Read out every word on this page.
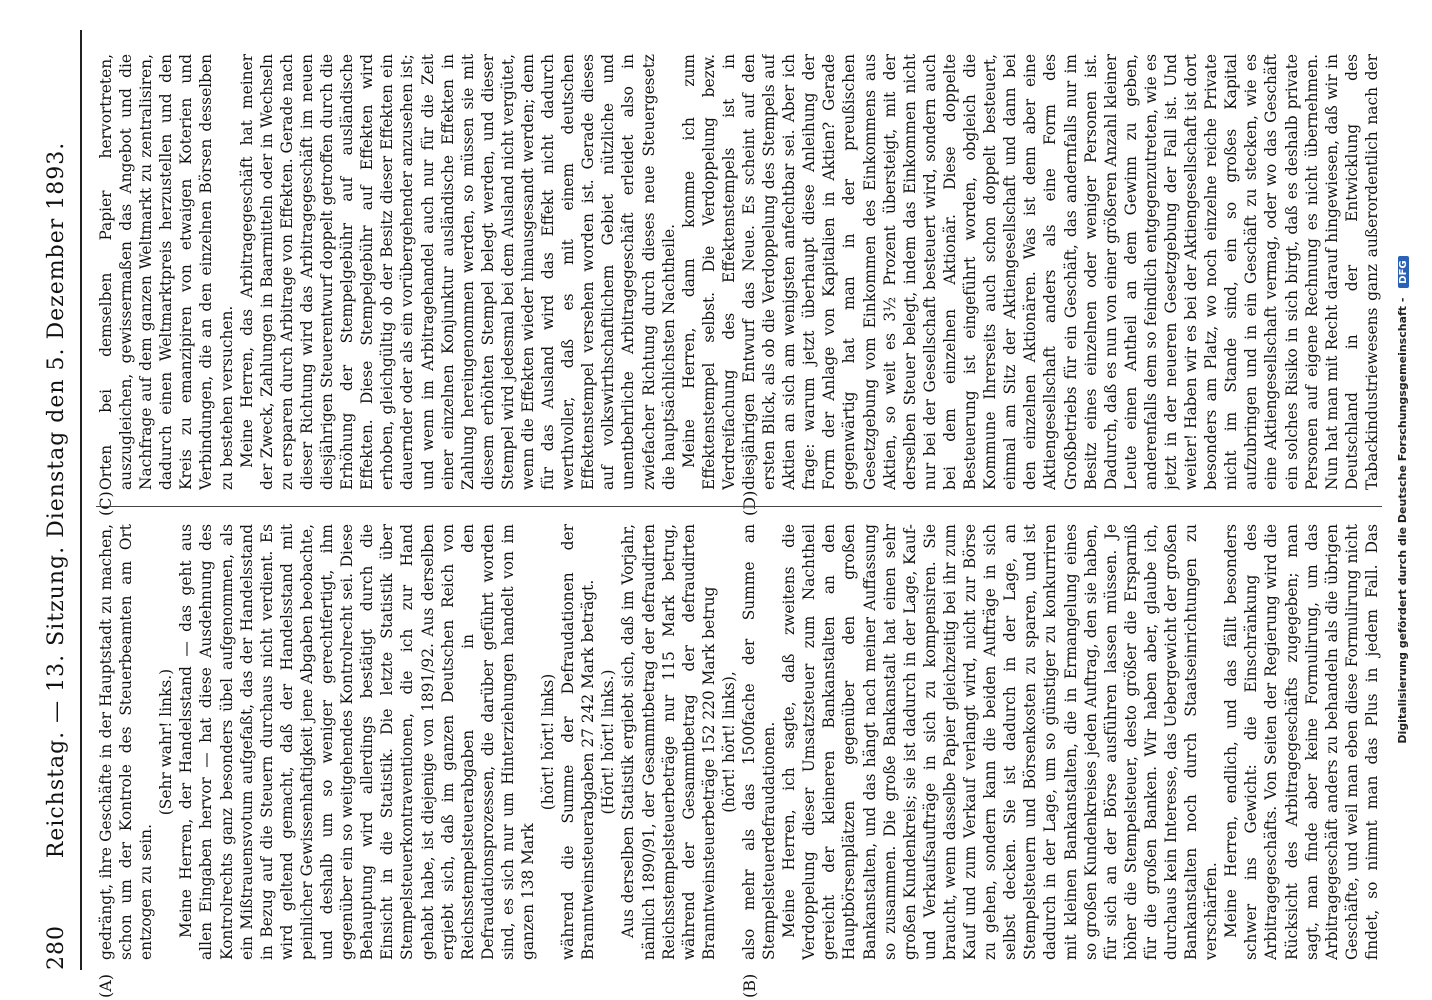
280
Reichstag. — 13. Sitzung. Dienstag den 5. Dezember 1893.
(A)	(B)
(C)	(D)

gedrängt, ihre Geschäfte in der Hauptstadt zu machen, schon um der Kontrole des Steuerbeamten am Ort entzogen zu sein.

(Sehr wahr! links.) Meine Herren, der Handelsstand — das geht aus allen Eingaben hervor — hat diese Ausdehnung des Kontrolrechts ganz besonders übel aufgenommen, als ein Mißtrauensvotum aufgefaßt, das der Handelsstand in Bezug auf die Steuern durchaus nicht verdient. Es wird geltend gemacht, daß der Handelsstand mit peinlicher Gewissenhaftigkeit jene Abgaben beobachte, und deshalb um so weniger gerechtfertigt, ihm gegenüber ein so weitgehendes Kontrolrecht sei. Diese Behauptung wird allerdings bestätigt durch die Einsicht in die Statistik. Die letzte Statistik über Stempelsteuerkontraventionen, die ich zur Hand gehabt habe, ist diejenige von 1891/92. Aus derselben ergiebt sich, daß im ganzen Deutschen Reich von Reichsstempelsteuerabgaben in den Defraudationsprozessen, die darüber geführt worden sind, es sich nur um Hinterziehungen handelt von im ganzen 138 Mark

(hört! hört! links) während die Summe der Defraudationen der Branntweinsteuerabgaben 27 242 Mark beträgt. (Hört! hört! links.) Aus derselben Statistik ergiebt sich, daß im Vorjahr, nämlich 1890/91, der Gesammtbetrag der defraudirten Reichsstempelsteuerbeträge nur 115 Mark betrug, während der Gesammtbetrag der defraudirten Branntweinsteuerbeträge 152 220 Mark betrug (hört! hört! links), also mehr als das 1500fache der Summe an Stempelsteuerdefraudationen. Meine Herren, ich sagte, daß zweitens die Verdoppelung dieser Umsatzsteuer zum Nachtheil gereicht der kleineren Bankanstalten an den Hauptbörsenplätzen gegenüber den großen Bankanstalten, und das hängt nach meiner Auffassung so zusammen. Die große Bankanstalt hat einen sehr großen Kundenkreis; sie ist dadurch in der Lage, Kauf- und Verkaufsaufträge in sich zu kompensiren. Sie braucht, wenn dasselbe Papier gleichzeitig bei ihr zum Kauf und zum Verkauf verlangt wird, nicht zur Börse zu gehen, sondern kann die beiden Aufträge in sich selbst decken. Sie ist dadurch in der Lage, an Stempelsteuern und Börsenkosten zu sparen, und ist dadurch in der Lage, um so günstiger zu konkurriren mit kleinen Bankanstalten, die in Ermangelung eines so großen Kundenkreises jeden Auftrag, den sie haben, für sich an der Börse ausführen lassen müssen. Je höher die Stempelsteuer, desto größer die Ersparniß für die großen Banken. Wir haben aber, glaube ich, durchaus kein Interesse, das Uebergewicht der großen Bankanstalten noch durch Staatseinrichtungen zu verschärfen. Meine Herren, endlich, und das fällt besonders schwer ins Gewicht: die Einschränkung des Arbitragegeschäfts. Von Seiten der Regierung wird die Rücksicht des Arbitragegeschäfts zugegeben; man sagt, man finde aber keine Formulirung, um das Arbitragegeschäft anders zu behandeln als die übrigen Geschäfte, und weil man eben diese Formulirung nicht findet, so nimmt man das Plus in jedem Fall. Das

Orten bei demselben Papier hervortreten, auszugleichen, gewissermaßen das Angebot und die Nachfrage auf dem ganzen Weltmarkt zu zentralisiren, dadurch einen Weltmarktpreis herzustellen und den Kreis zu emanzipiren von etwaigen Koterien und Verbindungen, die an den einzelnen Börsen desselben zu bestehen versuchen. Meine Herren, das Arbitragegeschäft hat meiner der Zweck, Zahlungen in Baarmitteln oder in Wechseln zu ersparen durch Arbitrage von Effekten. Gerade nach dieser Richtung wird das Arbitragegeschäft im neuen diesjährigen Steuerentwurf doppelt getroffen durch die Erhöhung der Stempelgebühr auf ausländische Effekten. Diese Stempelgebühr auf Effekten wird erhoben, gleichgültig ob der Besitz dieser Effekten ein dauernder oder als ein vorübergehender anzusehen ist; und wenn im Arbitragehandel auch nur für die Zeit einer einzelnen Konjunktur ausländische Effekten in Zahlung hereingenommen werden, so müssen sie mit diesem erhöhten Stempel belegt werden, und dieser Stempel wird jedesmal bei dem Ausland nicht vergütet, wenn die Effekten wieder hinausgesandt werden; denn für das Ausland wird das Effekt nicht dadurch werthvoller, daß es mit einem deutschen Effektenstempel versehen worden ist. Gerade dieses auf volkswirthschaftlichem Gebiet nützliche und unentbehrliche Arbitragegeschäft erleidet also in zwiefacher Richtung durch dieses neue Steuergesetz die hauptsächlichsten Nachtheile. Meine Herren, dann komme ich zum Effektenstempel selbst. Die Verdoppelung bezw. Verdreifachung des Effektenstempels ist in diesjährigen Entwurf das Neue. Es scheint auf den ersten Blick, als ob die Verdoppelung des Stempels auf Aktien an sich am wenigsten anfechtbar sei. Aber ich frage: warum jetzt überhaupt diese Anleihung der Form der Anlage von Kapitalien in Aktien? Gerade gegenwärtig hat man in der preußischen Gesetzgebung vom Einkommen des Einkommens aus Aktien, so weit es 3½ Prozent übersteigt, mit der derselben Steuer belegt, indem das Einkommen nicht nur bei der Gesellschaft besteuert wird, sondern auch bei dem einzelnen Aktionär. Diese doppelte Besteuerung ist eingeführt worden, obgleich die Kommune Ihrerseits auch schon doppelt besteuert, einmal am Sitz der Aktiengesellschaft und dann bei den einzelnen Aktionären. Was ist denn aber eine Aktiengesellschaft anders als eine Form des Großbetriebs für ein Geschäft, das andernfalls nur im Besitz eines einzelnen oder weniger Personen ist. Dadurch, daß es nun von einer größeren Anzahl kleiner Leute einen Antheil an dem Gewinn zu geben, anderenfalls dem so feindlich entgegenzutreten, wie es jetzt in der neueren Gesetzgebung der Fall ist. Und weiter! Haben wir es bei der Aktiengesellschaft ist dort besonders am Platz, wo noch einzelne reiche Private nicht im Stande sind, ein so großes Kapital aufzubringen und in ein Geschäft zu stecken, wie es eine Aktiengesellschaft vermag, oder wo das Geschäft ein solches Risiko in sich birgt, daß es deshalb private Personen auf eigene Rechnung es nicht übernehmen. Nun hat man mit Recht darauf hingewiesen, daß wir in Deutschland in der Entwicklung des Tabackindustriewesens ganz außerordentlich nach der

Digitalisierung gefördert durch die Deutsche Forschungsgemeinschaft - DFG
